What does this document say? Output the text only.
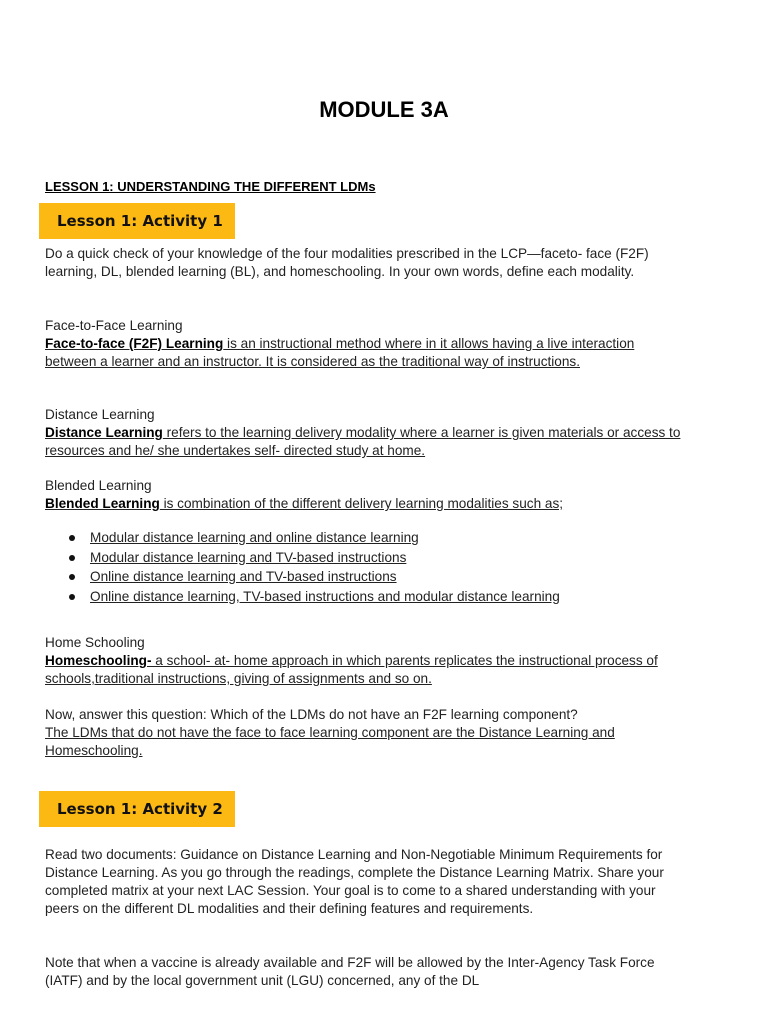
MODULE 3A
LESSON 1: UNDERSTANDING THE DIFFERENT LDMs
Lesson 1: Activity 1
Do a quick check of your knowledge of the four modalities prescribed in the LCP—faceto- face (F2F) learning, DL, blended learning (BL), and homeschooling. In your own words, define each modality.
Face-to-Face Learning
Face-to-face (F2F) Learning is an instructional method where in it allows having a live interaction between a learner and an instructor. It is considered as the traditional way of instructions.
Distance Learning
Distance Learning refers to the learning delivery modality where a learner is given materials or access to resources and he/ she undertakes self- directed study at home.
Blended Learning
Blended Learning is combination of the different delivery learning modalities such as;
Modular distance learning and online distance learning
Modular distance learning and TV-based instructions
Online distance learning and TV-based instructions
Online distance learning, TV-based instructions and modular distance learning
Home Schooling
Homeschooling- a school- at- home approach in which parents replicates the instructional process of schools,traditional instructions, giving of assignments and so on.
Now, answer this question: Which of the LDMs do not have an F2F learning component?
The LDMs that do not have the face to face learning component are the Distance Learning and Homeschooling.
Lesson 1: Activity 2
Read two documents: Guidance on Distance Learning and Non-Negotiable Minimum Requirements for Distance Learning. As you go through the readings, complete the Distance Learning Matrix. Share your completed matrix at your next LAC Session. Your goal is to come to a shared understanding with your peers on the different DL modalities and their defining features and requirements.
Note that when a vaccine is already available and F2F will be allowed by the Inter-Agency Task Force (IATF) and by the local government unit (LGU) concerned, any of the DL
